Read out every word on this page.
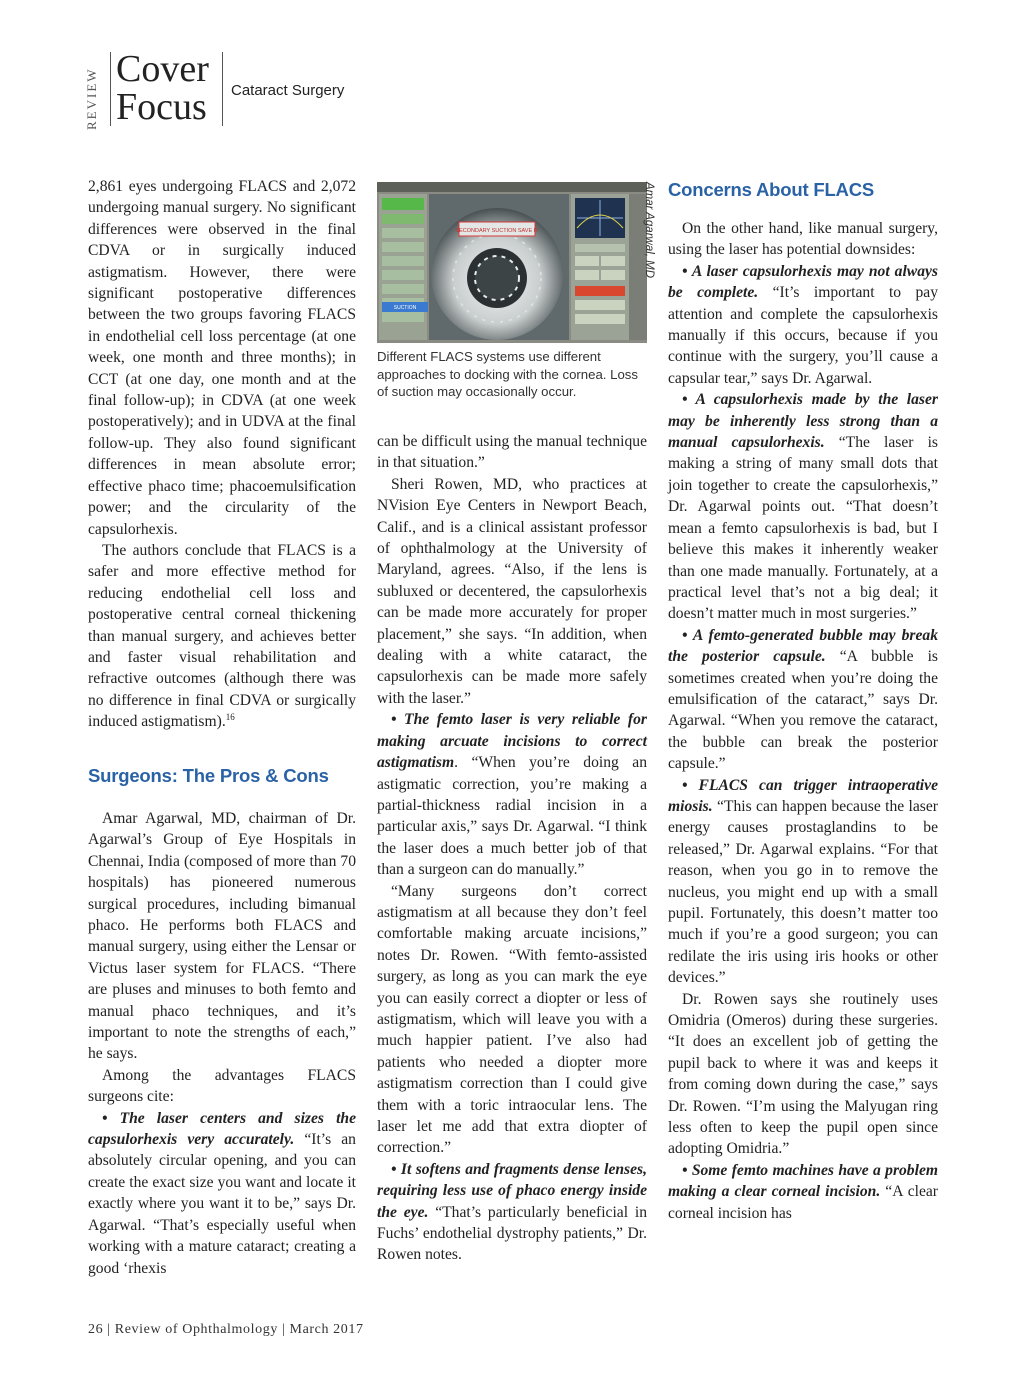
REVIEW Cover
Focus Cataract Surgery

2,861 eyes undergoing FLACS and 2,072 undergoing manual surgery. No significant differences were observed in the final CDVA or in surgically induced astigmatism. However, there were significant postoperative differences between the two groups favoring FLACS in endothelial cell loss percentage (at one week, one month and three months); in CCT (at one day, one month and at the final follow-up); in CDVA (at one week postoperatively); and in UDVA at the final follow-up. They also found significant differences in mean absolute error; effective phaco time; phacoemulsification power; and the circularity of the capsulorhexis.

The authors conclude that FLACS is a safer and more effective method for reducing endothelial cell loss and postoperative central corneal thickening than manual surgery, and achieves better and faster visual rehabilitation and refractive outcomes (although there was no difference in final CDVA or surgically induced astigmatism).$^{16}$

Surgeons: The Pros & Cons

Amar Agarwal, MD, chairman of Dr. Agarwal’s Group of Eye Hospitals in Chennai, India (composed of more than 70 hospitals) has pioneered numerous surgical procedures, including bimanual phaco. He performs both FLACS and manual surgery, using either the Lensar or Victus laser system for FLACS. “There are pluses and minuses to both femto and manual phaco techniques, and it’s important to note the strengths of each,” he says.

Among the advantages FLACS surgeons cite:

• The laser centers and sizes the capsulorhexis very accurately. “It’s an absolutely circular opening, and you can create the exact size you want and locate it exactly where you want it to be,” says Dr. Agarwal. “That’s especially useful when working with a mature cataract; creating a good ‘rhexis

SECONDARY SUCTION SAVE IT
SUCTION
Amar Agarwal, MD
Different FLACS systems use different approaches to docking with the cornea. Loss of suction may occasionally occur.

can be difficult using the manual technique in that situation.”

Sheri Rowen, MD, who practices at NVision Eye Centers in Newport Beach, Calif., and is a clinical assistant professor of ophthalmology at the University of Maryland, agrees. “Also, if the lens is subluxed or decentered, the capsulorhexis can be made more accurately for proper placement,” she says. “In addition, when dealing with a white cataract, the capsulorhexis can be made more safely with the laser.”

• The femto laser is very reliable for making arcuate incisions to correct astigmatism. “When you’re doing an astigmatic correction, you’re making a partial-thickness radial incision in a particular axis,” says Dr. Agarwal. “I think the laser does a much better job of that than a surgeon can do manually.”

“Many surgeons don’t correct astigmatism at all because they don’t feel comfortable making arcuate incisions,” notes Dr. Rowen. “With femto-assisted surgery, as long as you can mark the eye you can easily correct a diopter or less of astigmatism, which will leave you with a much happier patient. I’ve also had patients who needed a diopter more astigmatism correction than I could give them with a toric intraocular lens. The laser let me add that extra diopter of correction.”

• It softens and fragments dense lenses, requiring less use of phaco energy inside the eye. “That’s particularly beneficial in Fuchs’ endothelial dystrophy patients,” Dr. Rowen notes.

Concerns About FLACS

On the other hand, like manual surgery, using the laser has potential downsides:

• A laser capsulorhexis may not always be complete. “It’s important to pay attention and complete the capsulorhexis manually if this occurs, because if you continue with the surgery, you’ll cause a capsular tear,” says Dr. Agarwal.

• A capsulorhexis made by the laser may be inherently less strong than a manual capsulorhexis. “The laser is making a string of many small dots that join together to create the capsulorhexis,” Dr. Agarwal points out. “That doesn’t mean a femto capsulorhexis is bad, but I believe this makes it inherently weaker than one made manually. Fortunately, at a practical level that’s not a big deal; it doesn’t matter much in most surgeries.”

• A femto-generated bubble may break the posterior capsule. “A bubble is sometimes created when you’re doing the emulsification of the cataract,” says Dr. Agarwal. “When you remove the cataract, the bubble can break the posterior capsule.”

• FLACS can trigger intraoperative miosis. “This can happen because the laser energy causes prostaglandins to be released,” Dr. Agarwal explains. “For that reason, when you go in to remove the nucleus, you might end up with a small pupil. Fortunately, this doesn’t matter too much if you’re a good surgeon; you can redilate the iris using iris hooks or other devices.”

Dr. Rowen says she routinely uses Omidria (Omeros) during these surgeries. “It does an excellent job of getting the pupil back to where it was and keeps it from coming down during the case,” says Dr. Rowen. “I’m using the Malyugan ring less often to keep the pupil open since adopting Omidria.”

• Some femto machines have a problem making a clear corneal incision. “A clear corneal incision has

26 | Review of Ophthalmology | March 2017
